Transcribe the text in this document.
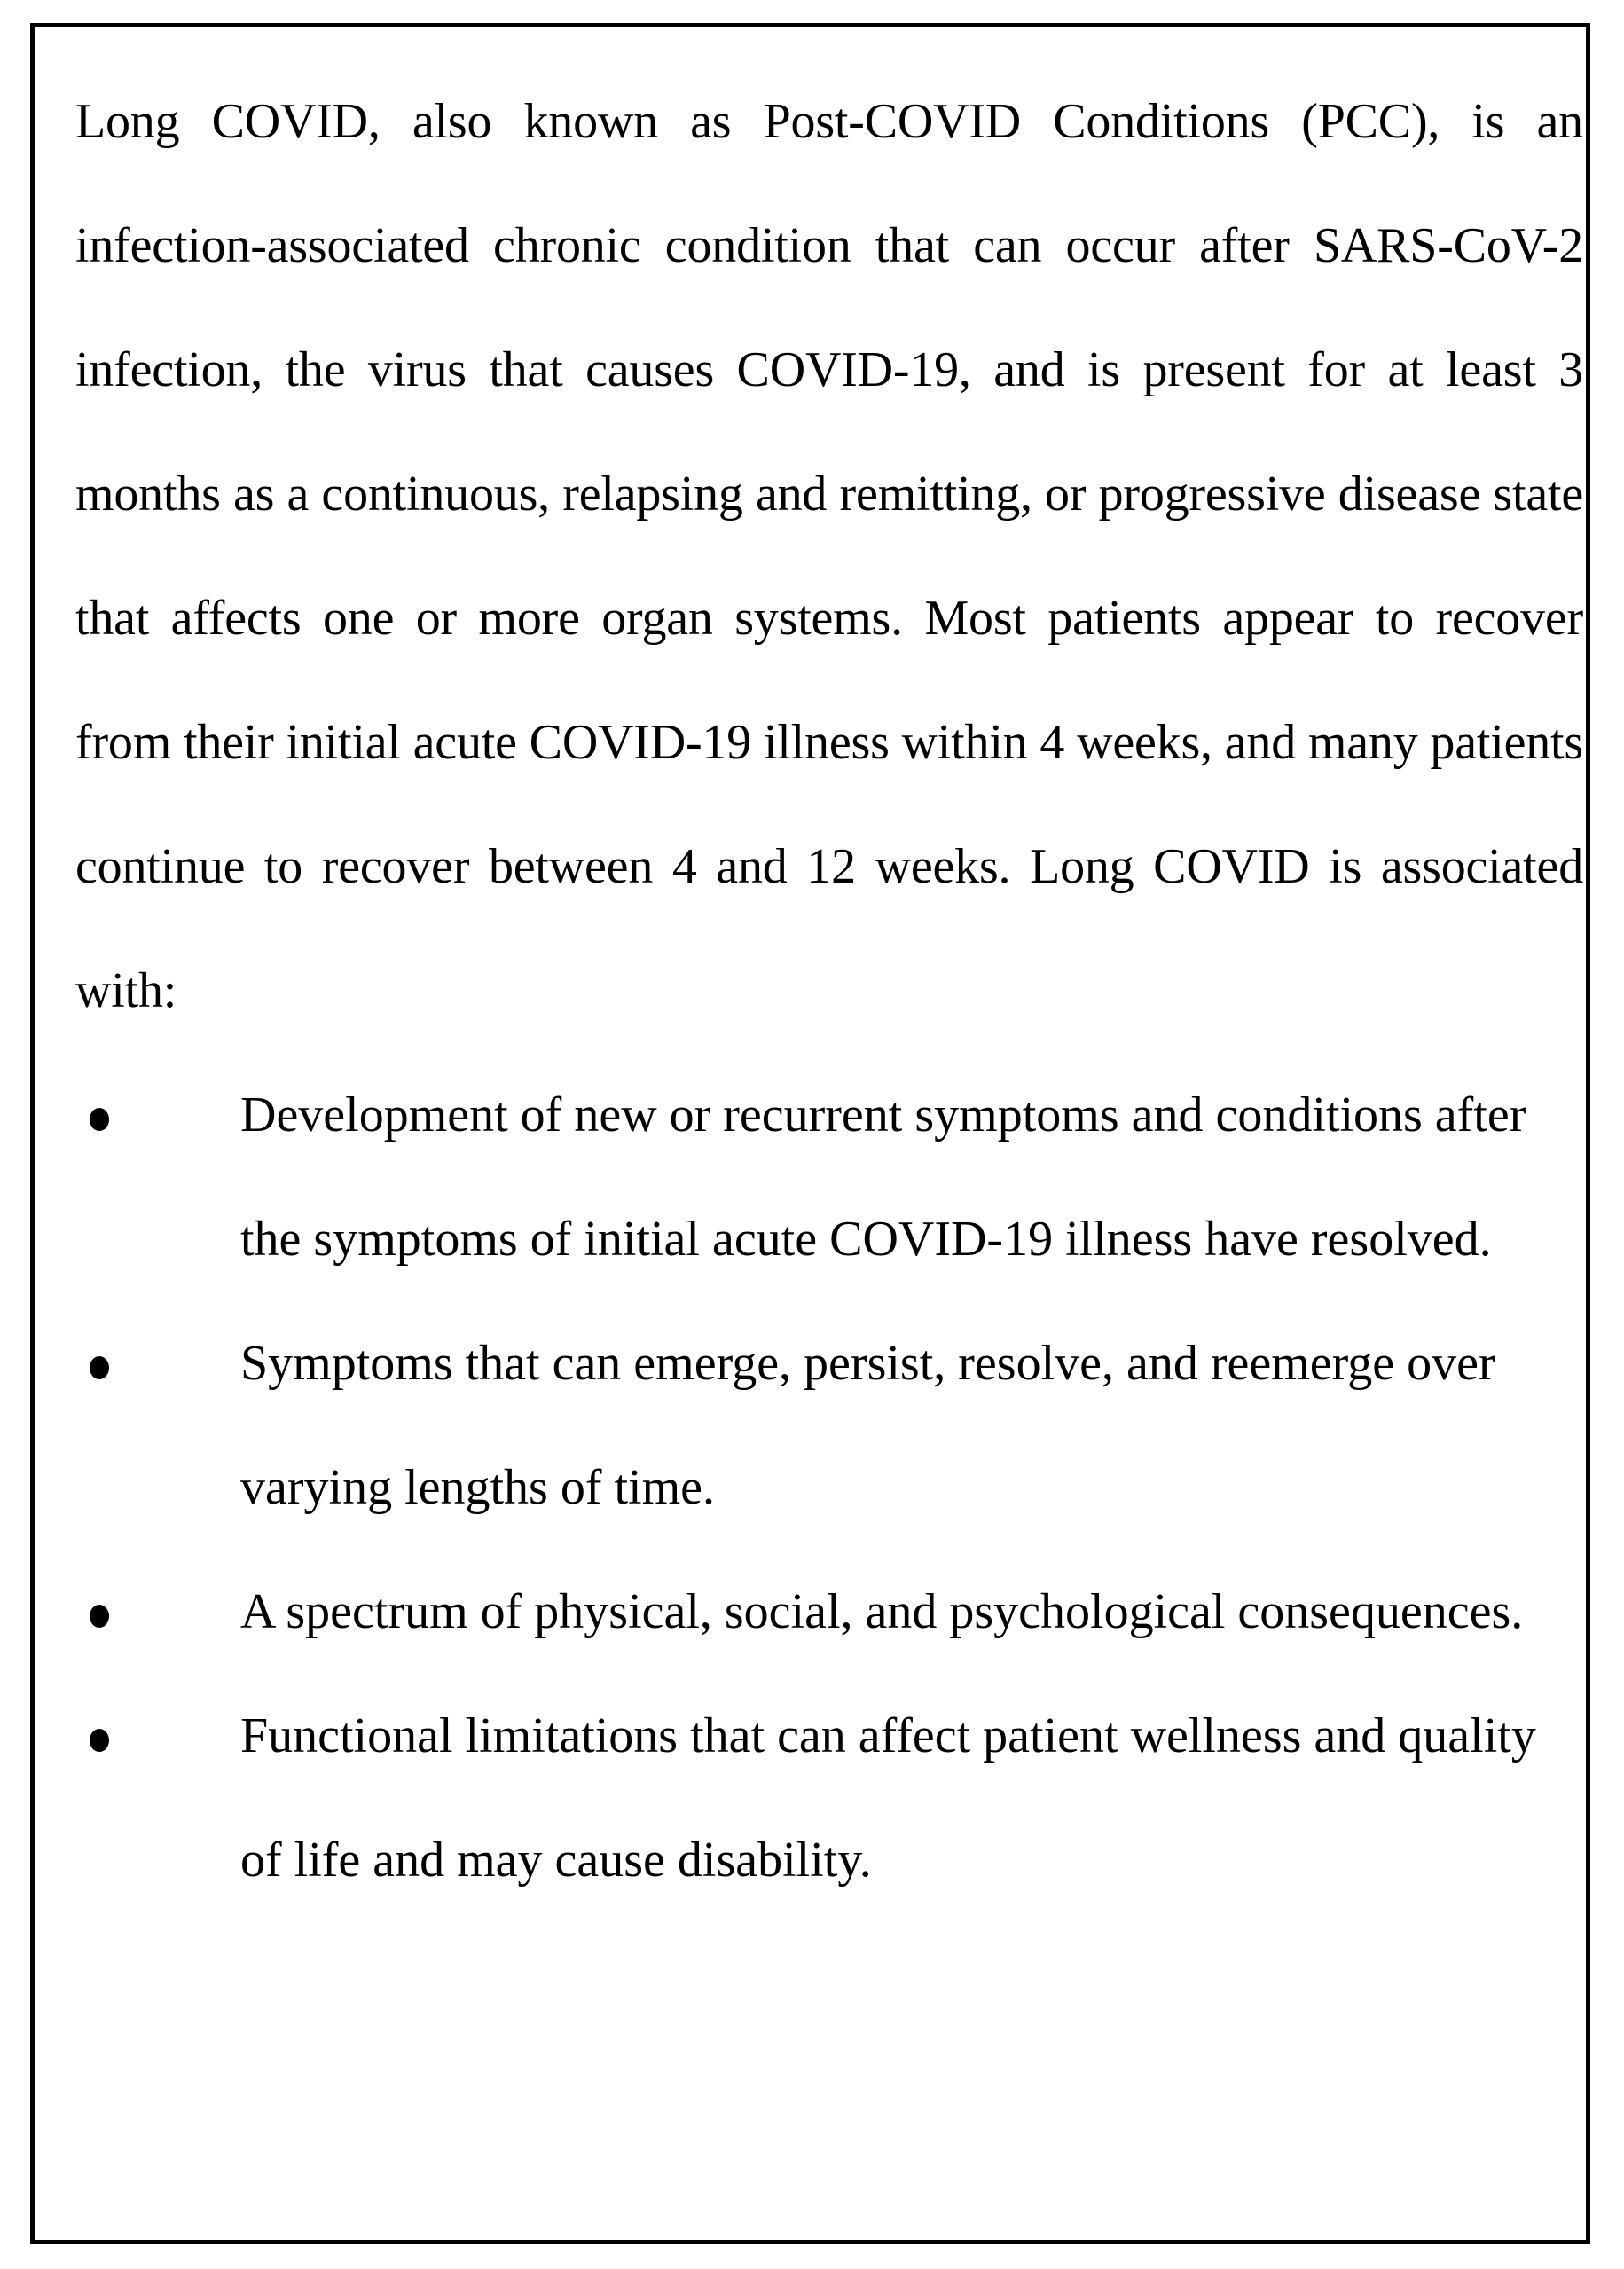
Long COVID, also known as Post-COVID Conditions (PCC), is an infection-associated chronic condition that can occur after SARS-CoV-2 infection, the virus that causes COVID-19, and is present for at least 3 months as a continuous, relapsing and remitting, or progressive disease state that affects one or more organ systems. Most patients appear to recover from their initial acute COVID-19 illness within 4 weeks, and many patients continue to recover between 4 and 12 weeks. Long COVID is associated with:

Development of new or recurrent symptoms and conditions after the symptoms of initial acute COVID-19 illness have resolved.
Symptoms that can emerge, persist, resolve, and reemerge over varying lengths of time.
A spectrum of physical, social, and psychological consequences.
Functional limitations that can affect patient wellness and quality of life and may cause disability.
